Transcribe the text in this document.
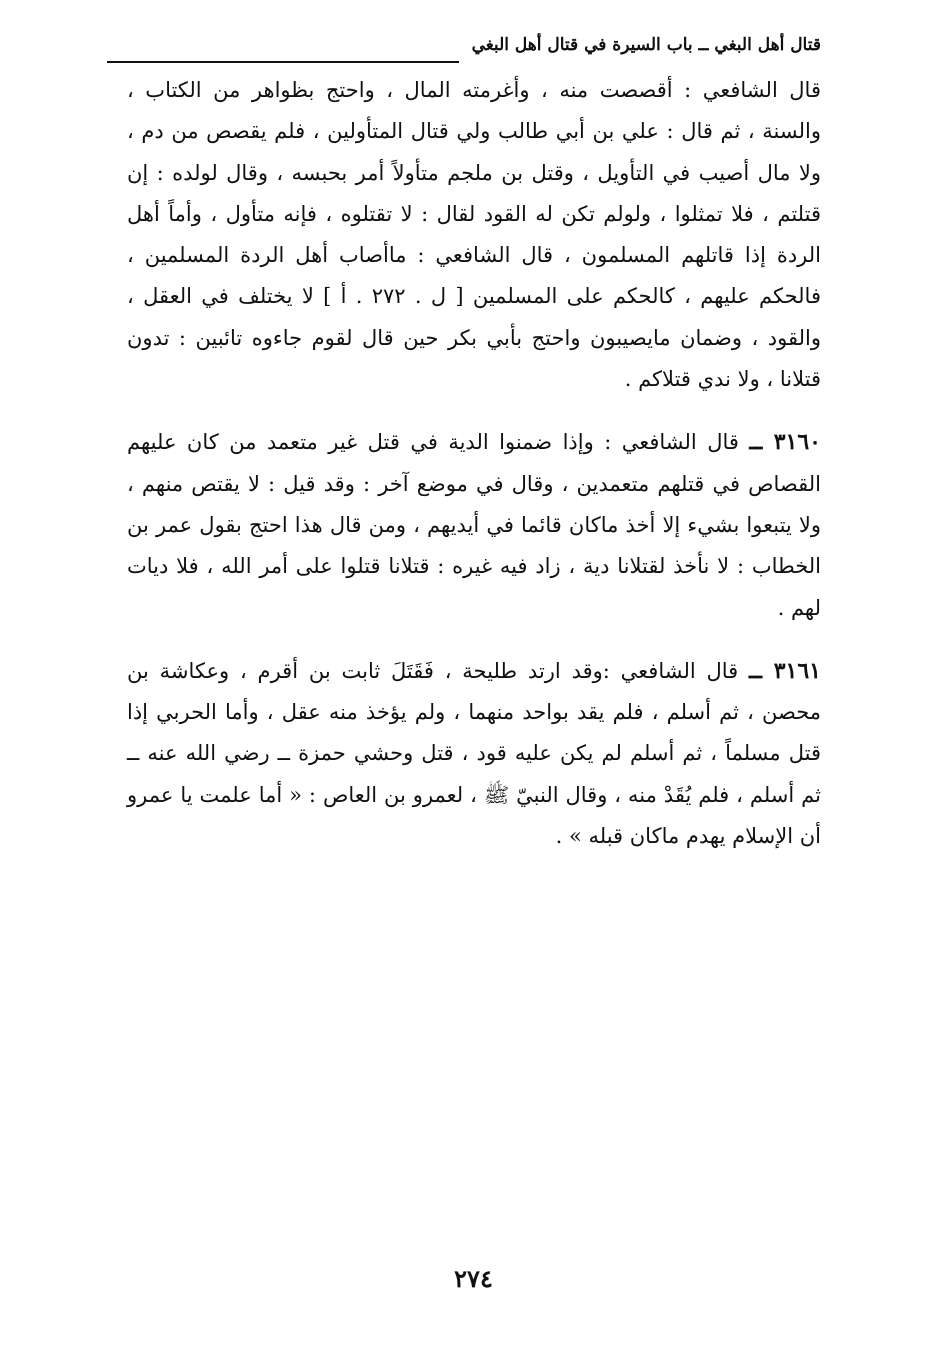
قتال أهل البغي ــ باب السيرة في قتال أهل البغي

قال الشافعي : أقصصت منه ، وأغرمته المال ، واحتج بظواهر من الكتاب ، والسنة ، ثم قال : علي بن أبي طالب ولي قتال المتأولين ، فلم يقصص من دم ، ولا مال أصيب في التأويل ، وقتل بن ملجم متأولاً أمر بحبسه ، وقال لولده : إن قتلتم ، فلا تمثلوا ، ولولم تكن له القود لقال : لا تقتلوه ، فإنه متأول ، وأماً أهل الردة إذا قاتلهم المسلمون ، قال الشافعي : ماأصاب أهل الردة المسلمين ، فالحكم عليهم ، كالحكم على المسلمين [ ل . ٢٧٢ . أ ] لا يختلف في العقل ، والقود ، وضمان مايصيبون واحتج بأبي بكر حين قال لقوم جاءوه تائبين : تدون قتلانا ، ولا ندي قتلاكم .

٣١٦٠ ــ قال الشافعي : وإذا ضمنوا الدية في قتل غير متعمد من كان عليهم القصاص في قتلهم متعمدين ، وقال في موضع آخر : وقد قيل : لا يقتص منهم ، ولا يتبعوا بشيء إلا أخذ ماكان قائما في أيديهم ، ومن قال هذا احتج بقول عمر بن الخطاب : لا نأخذ لقتلانا دية ، زاد فيه غيره : قتلانا قتلوا على أمر الله ، فلا ديات لهم .

٣١٦١ ــ قال الشافعي :وقد ارتد طليحة ، فَقَتَلَ ثابت بن أقرم ، وعكاشة بن محصن ، ثم أسلم ، فلم يقد بواحد منهما ، ولم يؤخذ منه عقل ، وأما الحربي إذا قتل مسلماً ، ثم أسلم لم يكن عليه قود ، قتل وحشي حمزة ــ رضي الله عنه ــ ثم أسلم ، فلم يُقَدْ منه ، وقال النبيّ ﷺ ، لعمرو بن العاص : « أما علمت يا عمرو أن الإسلام يهدم ماكان قبله » .

٢٧٤
